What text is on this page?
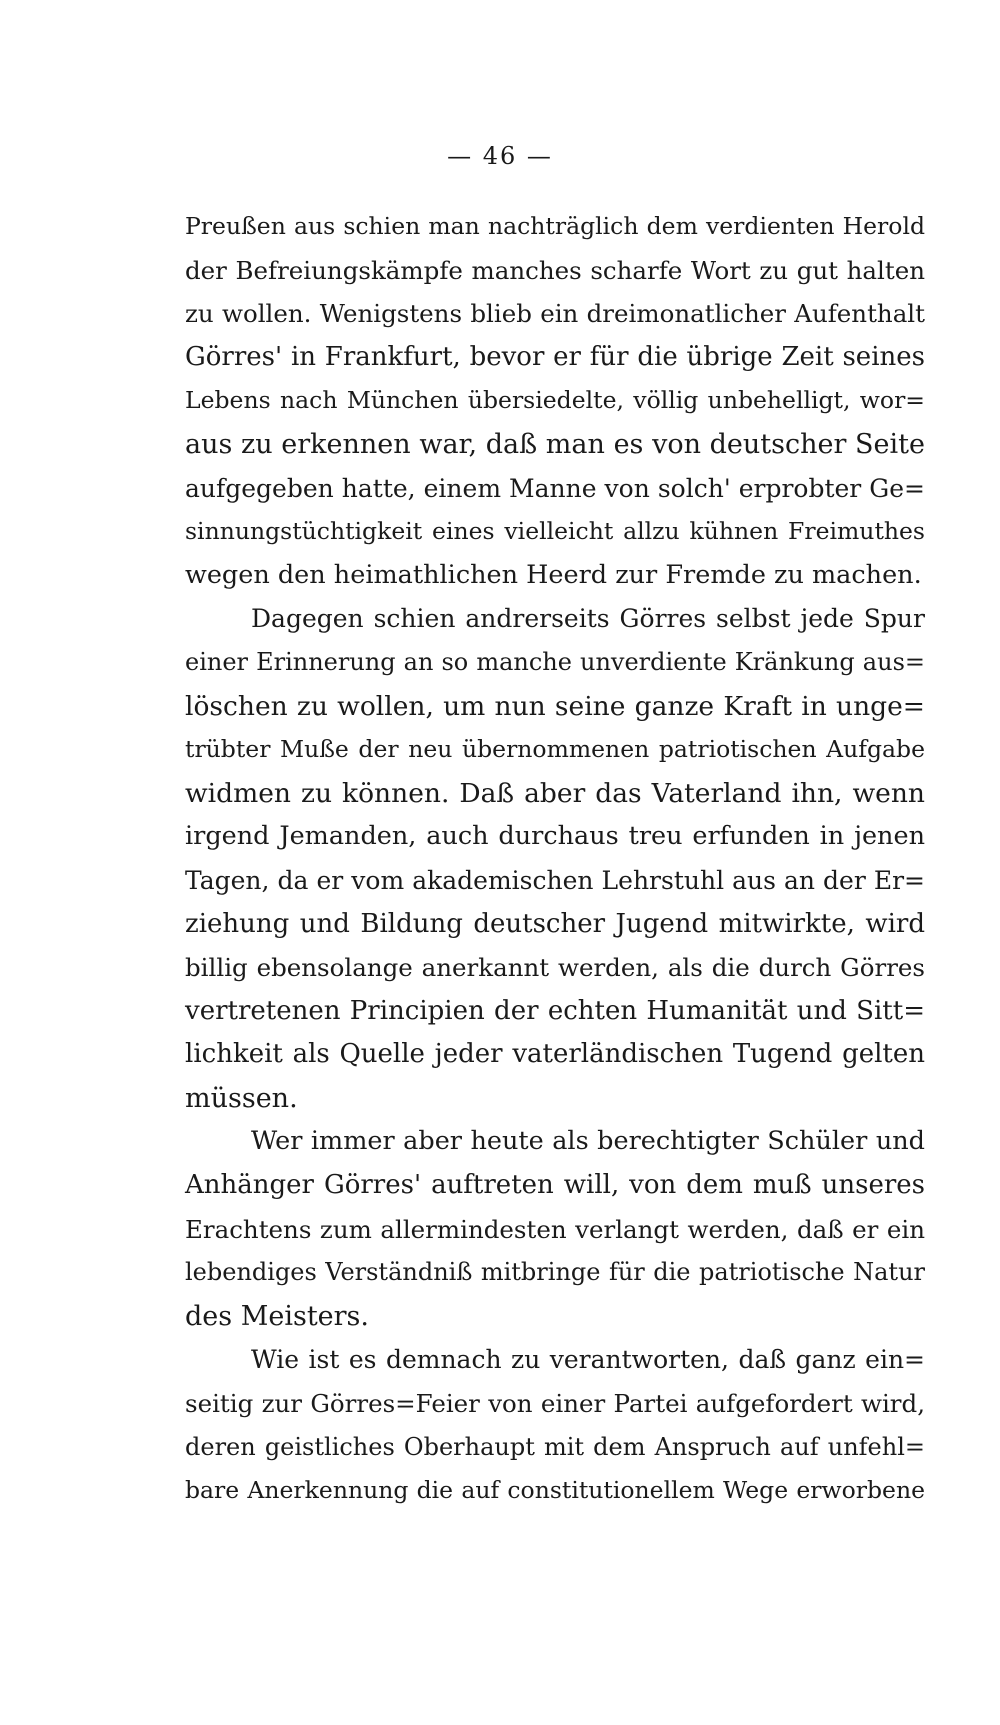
— 46 —
Preußen aus schien man nachträglich dem verdienten Herold
der Befreiungskämpfe manches scharfe Wort zu gut halten
zu wollen. Wenigstens blieb ein dreimonatlicher Aufenthalt
Görres' in Frankfurt, bevor er für die übrige Zeit seines
Lebens nach München übersiedelte, völlig unbehelligt, wor=
aus zu erkennen war, daß man es von deutscher Seite
aufgegeben hatte, einem Manne von solch' erprobter Ge=
sinnungstüchtigkeit eines vielleicht allzu kühnen Freimuthes
wegen den heimathlichen Heerd zur Fremde zu machen.
Dagegen schien andrerseits Görres selbst jede Spur
einer Erinnerung an so manche unverdiente Kränkung aus=
löschen zu wollen, um nun seine ganze Kraft in unge=
trübter Muße der neu übernommenen patriotischen Aufgabe
widmen zu können. Daß aber das Vaterland ihn, wenn
irgend Jemanden, auch durchaus treu erfunden in jenen
Tagen, da er vom akademischen Lehrstuhl aus an der Er=
ziehung und Bildung deutscher Jugend mitwirkte, wird
billig ebensolange anerkannt werden, als die durch Görres
vertretenen Principien der echten Humanität und Sitt=
lichkeit als Quelle jeder vaterländischen Tugend gelten
müssen.
Wer immer aber heute als berechtigter Schüler und
Anhänger Görres' auftreten will, von dem muß unseres
Erachtens zum allermindesten verlangt werden, daß er ein
lebendiges Verständniß mitbringe für die patriotische Natur
des Meisters.
Wie ist es demnach zu verantworten, daß ganz ein=
seitig zur Görres=Feier von einer Partei aufgefordert wird,
deren geistliches Oberhaupt mit dem Anspruch auf unfehl=
bare Anerkennung die auf constitutionellem Wege erworbene
